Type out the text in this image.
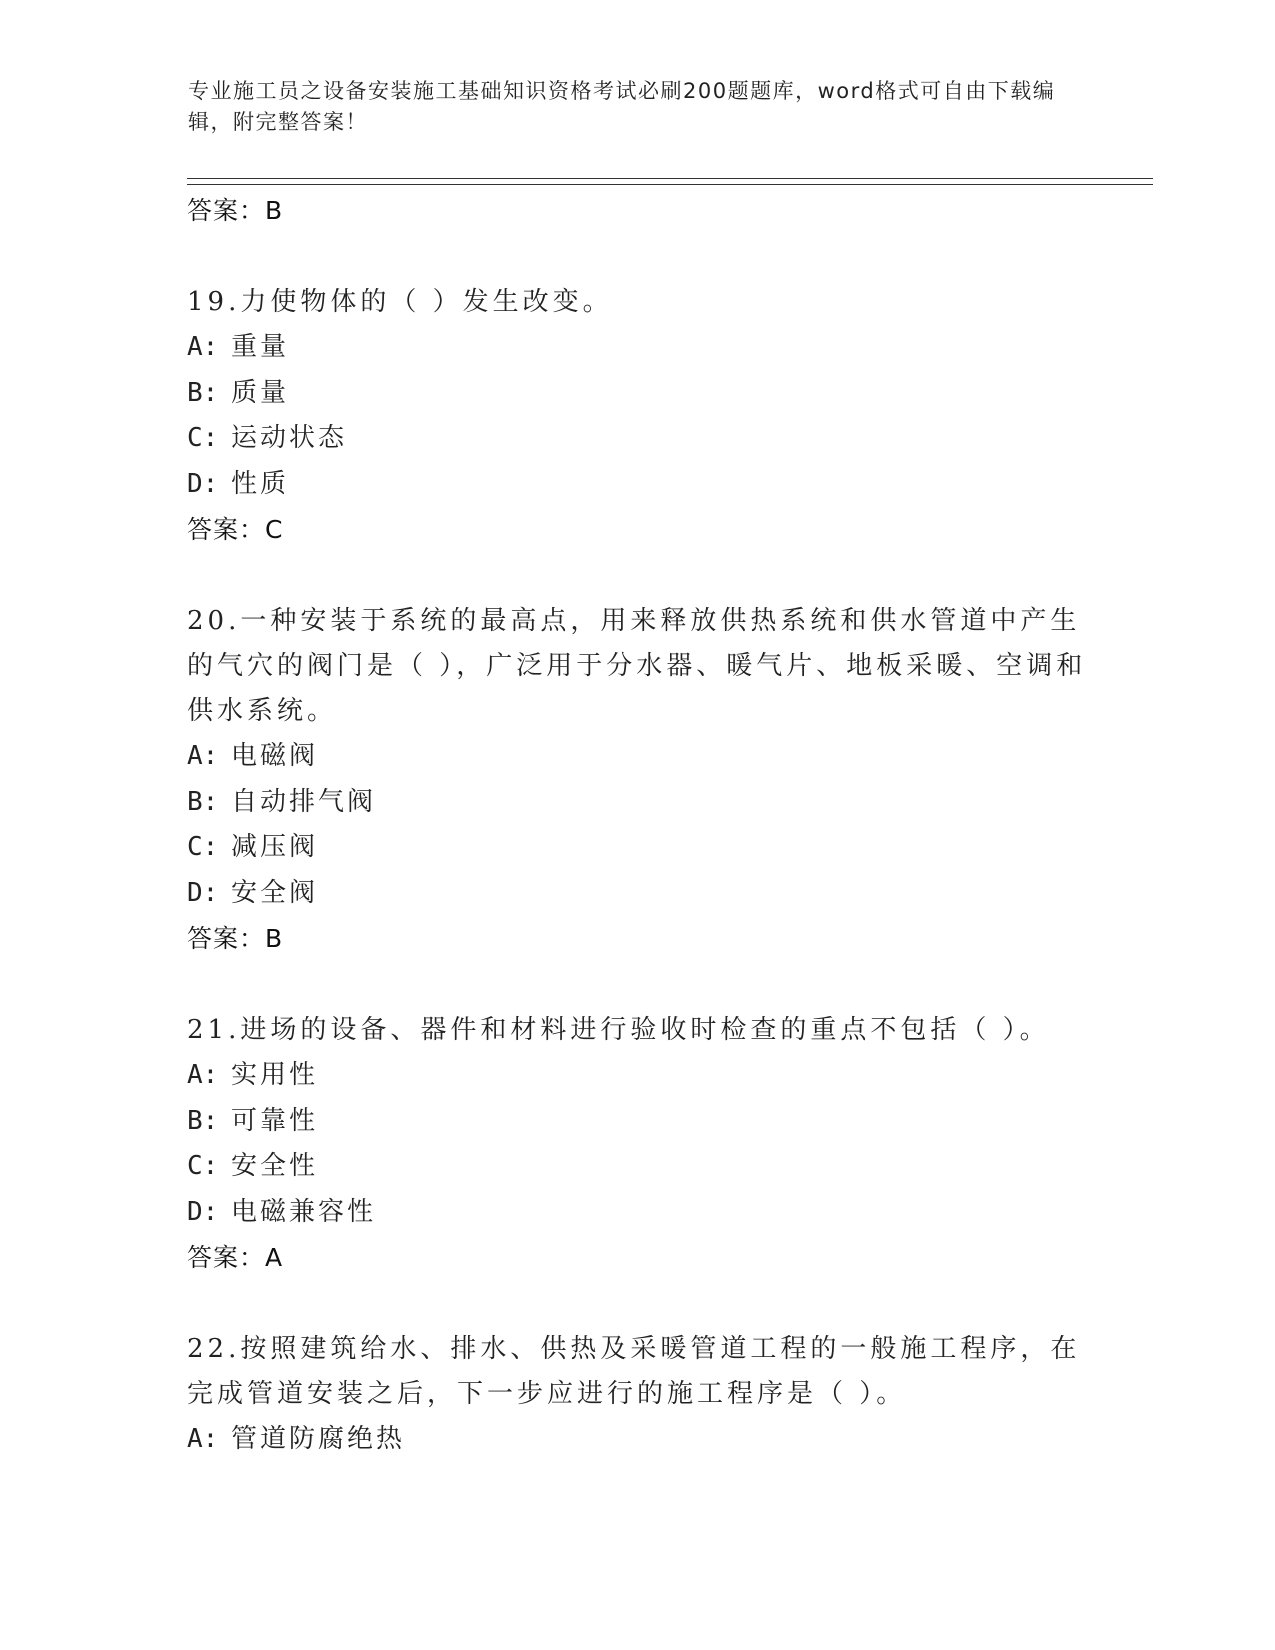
专业施工员之设备安装施工基础知识资格考试必刷200题题库，word格式可自由下载编辑，附完整答案！

答案：B

19.力使物体的（ ）发生改变。

A: 重量

B: 质量

C: 运动状态

D: 性质

答案：C

20.一种安装于系统的最高点，用来释放供热系统和供水管道中产生的气穴的阀门是（ ），广泛用于分水器、暖气片、地板采暖、空调和供水系统。

A: 电磁阀

B: 自动排气阀

C: 减压阀

D: 安全阀

答案：B

21.进场的设备、器件和材料进行验收时检查的重点不包括（ ）。

A: 实用性

B: 可靠性

C: 安全性

D: 电磁兼容性

答案：A

22.按照建筑给水、排水、供热及采暖管道工程的一般施工程序，在完成管道安装之后，下一步应进行的施工程序是（ ）。

A: 管道防腐绝热
